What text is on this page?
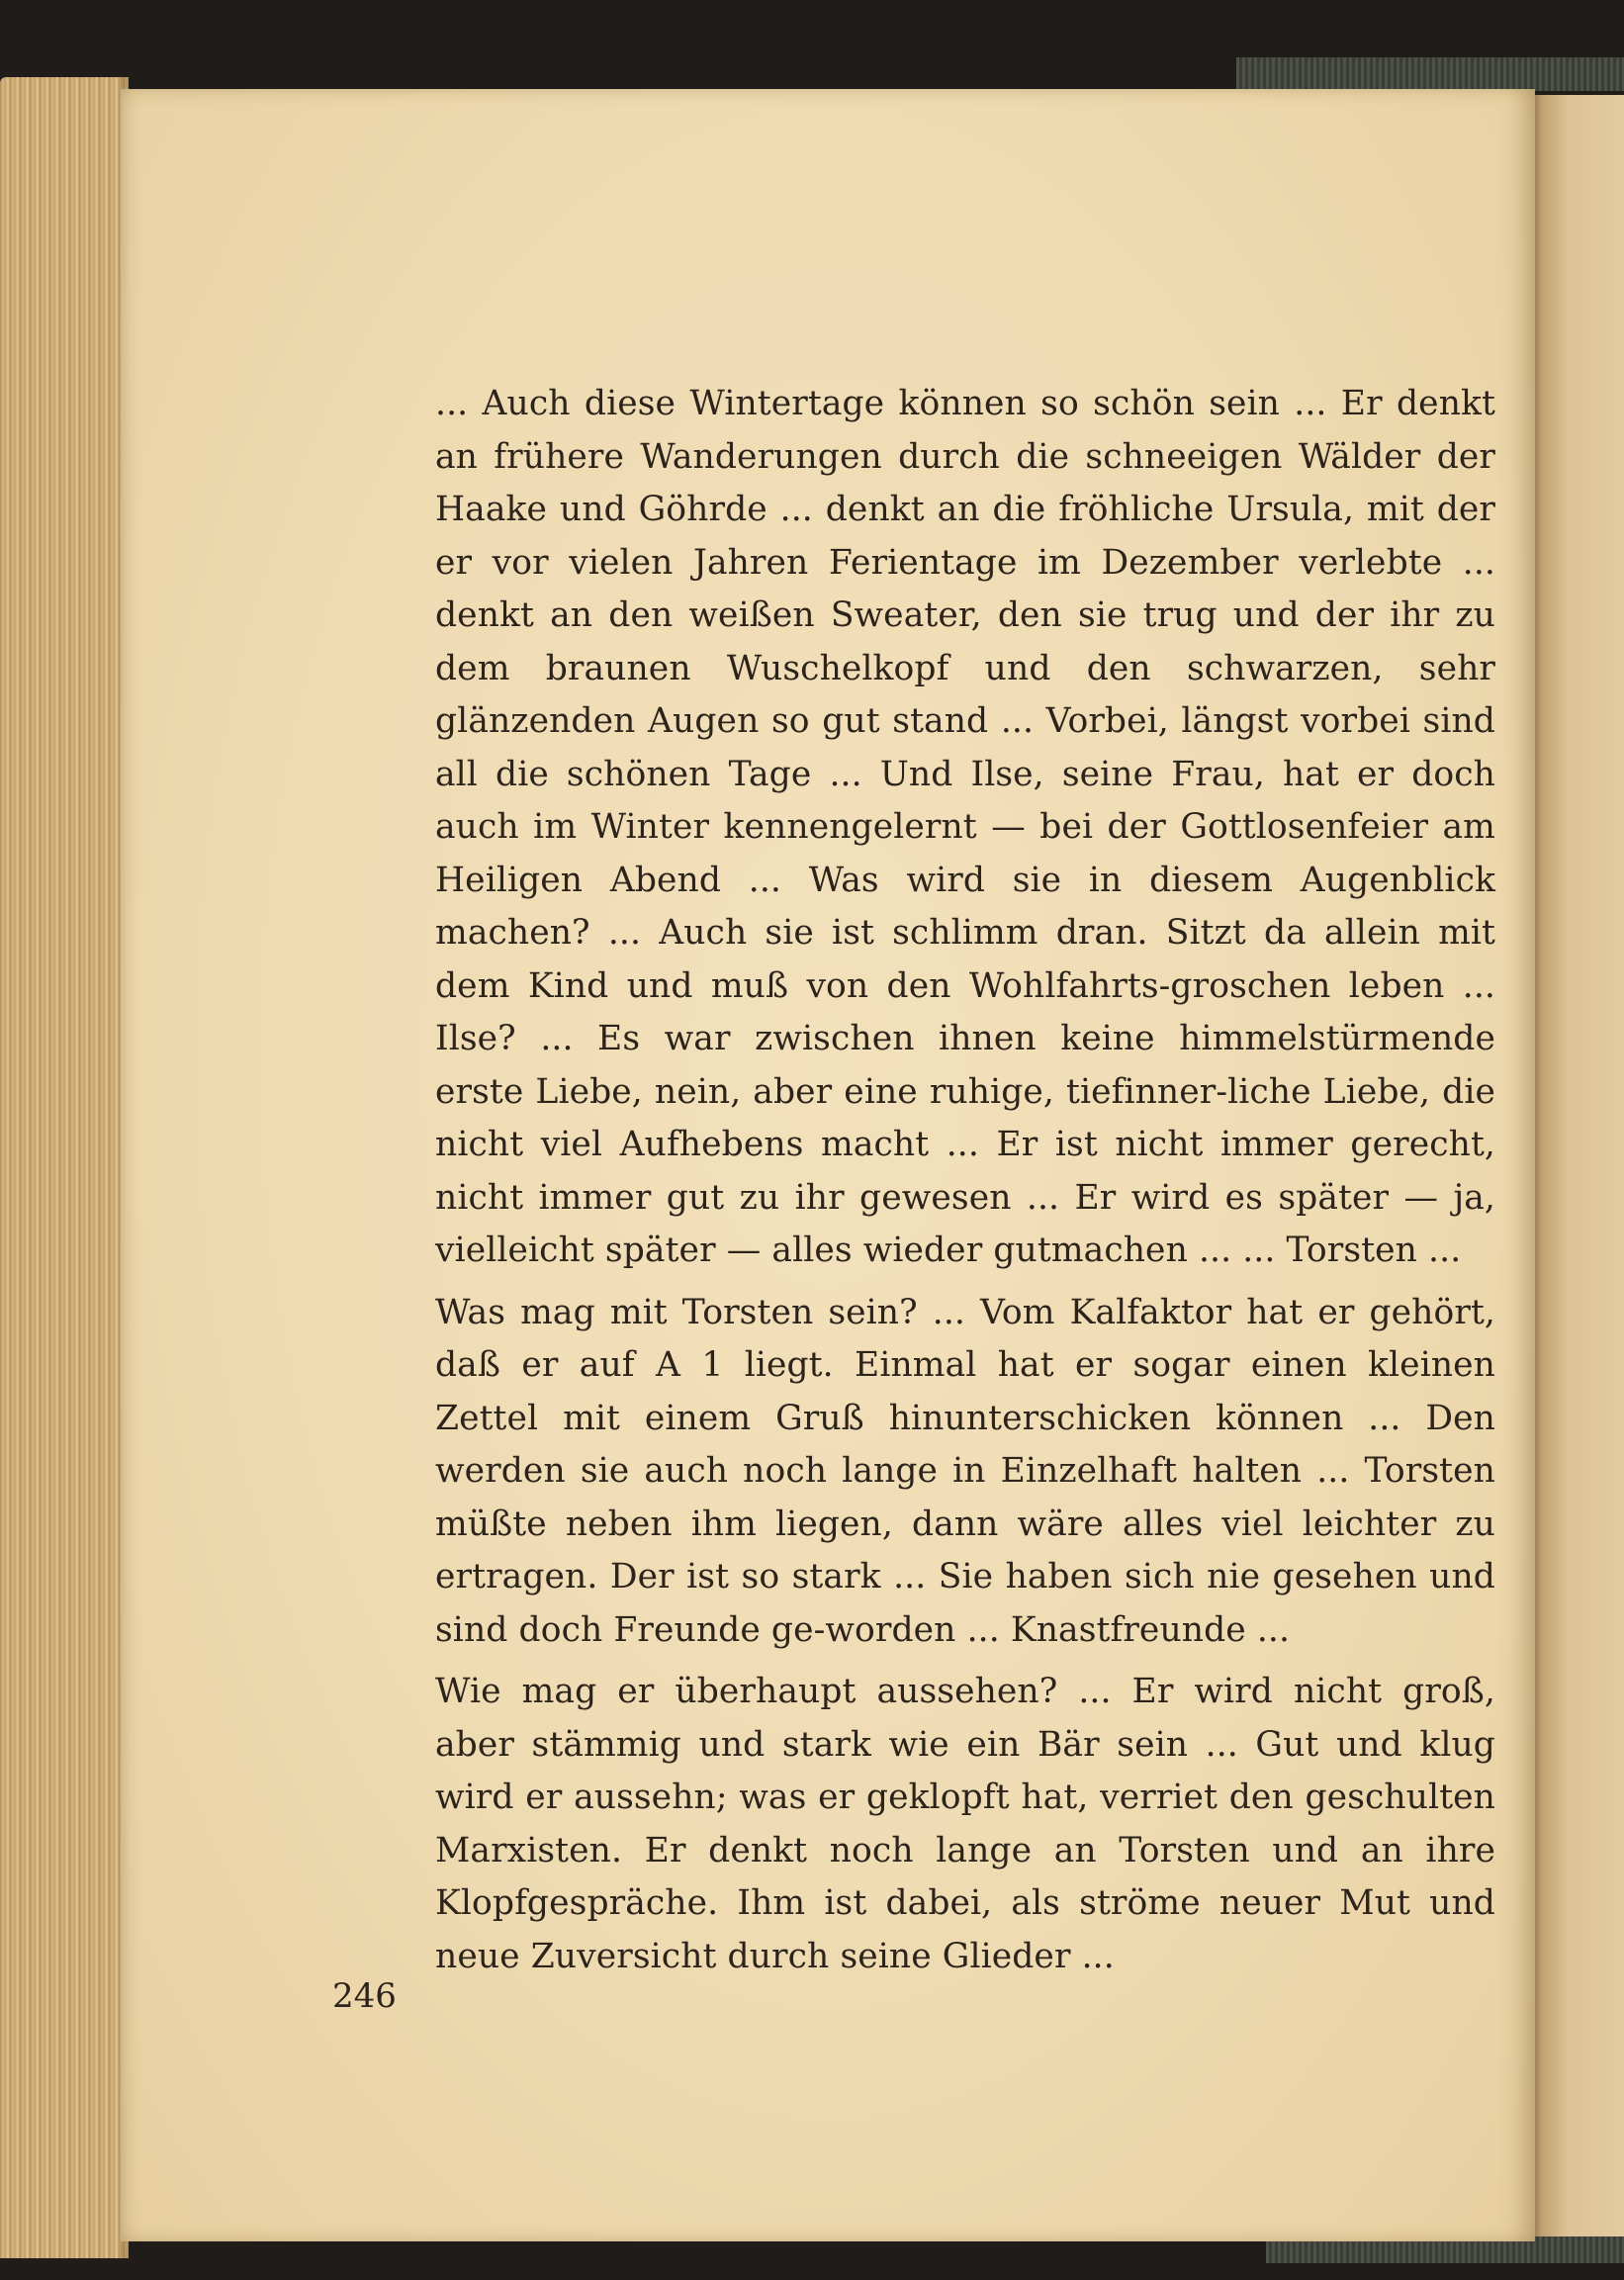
... Auch diese Wintertage können so schön sein ... Er denkt an frühere Wanderungen durch die schneeigen Wälder der Haake und Göhrde ... denkt an die fröhliche Ursula, mit der er vor vielen Jahren Ferientage im Dezember verlebte ... denkt an den weißen Sweater, den sie trug und der ihr zu dem braunen Wuschelkopf und den schwarzen, sehr glänzenden Augen so gut stand ... Vorbei, längst vorbei sind all die schönen Tage ... Und Ilse, seine Frau, hat er doch auch im Winter kennengelernt — bei der Gottlosenfeier am Heiligen Abend ... Was wird sie in diesem Augenblick machen? ... Auch sie ist schlimm dran. Sitzt da allein mit dem Kind und muß von den Wohlfahrts-groschen leben ... Ilse? ... Es war zwischen ihnen keine himmelstürmende erste Liebe, nein, aber eine ruhige, tiefinner-liche Liebe, die nicht viel Aufhebens macht ... Er ist nicht immer gerecht, nicht immer gut zu ihr gewesen ... Er wird es später — ja, vielleicht später — alles wieder gutmachen ... ... Torsten ...

Was mag mit Torsten sein? ... Vom Kalfaktor hat er gehört, daß er auf A 1 liegt. Einmal hat er sogar einen kleinen Zettel mit einem Gruß hinunterschicken können ... Den werden sie auch noch lange in Einzelhaft halten ... Torsten müßte neben ihm liegen, dann wäre alles viel leichter zu ertragen. Der ist so stark ... Sie haben sich nie gesehen und sind doch Freunde ge-worden ... Knastfreunde ...

Wie mag er überhaupt aussehen? ... Er wird nicht groß, aber stämmig und stark wie ein Bär sein ... Gut und klug wird er aussehn; was er geklopft hat, verriet den geschulten Marxisten. Er denkt noch lange an Torsten und an ihre Klopfgespräche. Ihm ist dabei, als ströme neuer Mut und neue Zuversicht durch seine Glieder ...

246
